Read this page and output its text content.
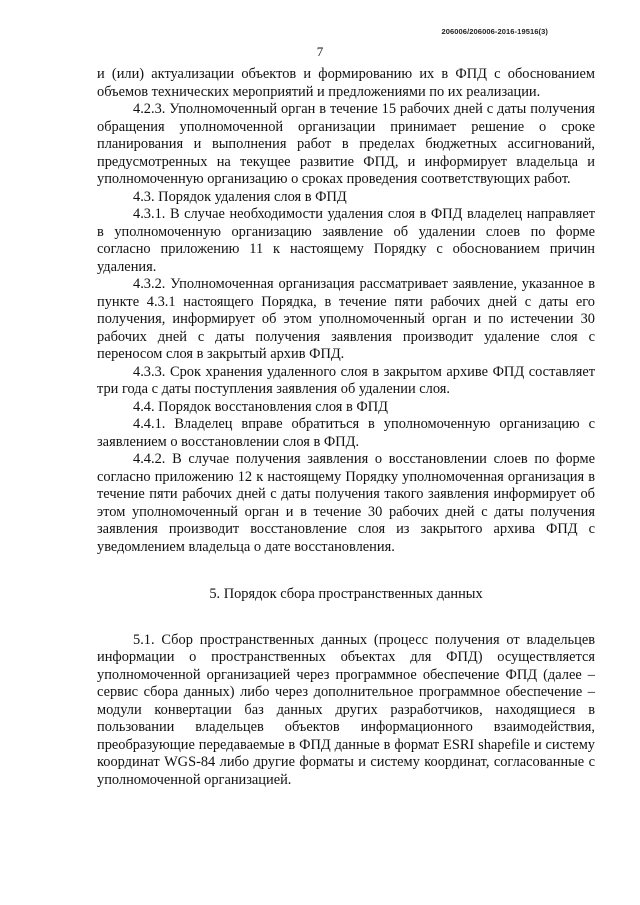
206006/206006-2016-19516(3)
7

и (или) актуализации объектов и формированию их в ФПД с обоснованием объемов технических мероприятий и предложениями по их реализации.

4.2.3. Уполномоченный орган в течение 15 рабочих дней с даты получения обращения уполномоченной организации принимает решение о сроке планирования и выполнения работ в пределах бюджетных ассигнований, предусмотренных на текущее развитие ФПД, и информирует владельца и уполномоченную организацию о сроках проведения соответствующих работ.

4.3. Порядок удаления слоя в ФПД

4.3.1. В случае необходимости удаления слоя в ФПД владелец направляет в уполномоченную организацию заявление об удалении слоев по форме согласно приложению 11 к настоящему Порядку с обоснованием причин удаления.

4.3.2. Уполномоченная организация рассматривает заявление, указанное в пункте 4.3.1 настоящего Порядка, в течение пяти рабочих дней с даты его получения, информирует об этом уполномоченный орган и по истечении 30 рабочих дней с даты получения заявления производит удаление слоя с переносом слоя в закрытый архив ФПД.

4.3.3. Срок хранения удаленного слоя в закрытом архиве ФПД составляет три года с даты поступления заявления об удалении слоя.

4.4. Порядок восстановления слоя в ФПД

4.4.1. Владелец вправе обратиться в уполномоченную организацию с заявлением о восстановлении слоя в ФПД.

4.4.2. В случае получения заявления о восстановлении слоев по форме согласно приложению 12 к настоящему Порядку уполномоченная организация в течение пяти рабочих дней с даты получения такого заявления информирует об этом уполномоченный орган и в течение 30 рабочих дней с даты получения заявления производит восстановление слоя из закрытого архива ФПД с уведомлением владельца о дате восстановления.

5. Порядок сбора пространственных данных

5.1. Сбор пространственных данных (процесс получения от владельцев информации о пространственных объектах для ФПД) осуществляется уполномоченной организацией через программное обеспечение ФПД (далее – сервис сбора данных) либо через дополнительное программное обеспечение – модули конвертации баз данных других разработчиков, находящиеся в пользовании владельцев объектов информационного взаимодействия, преобразующие передаваемые в ФПД данные в формат ESRI shapefile и систему координат WGS-84 либо другие форматы и систему координат, согласованные с уполномоченной организацией.
